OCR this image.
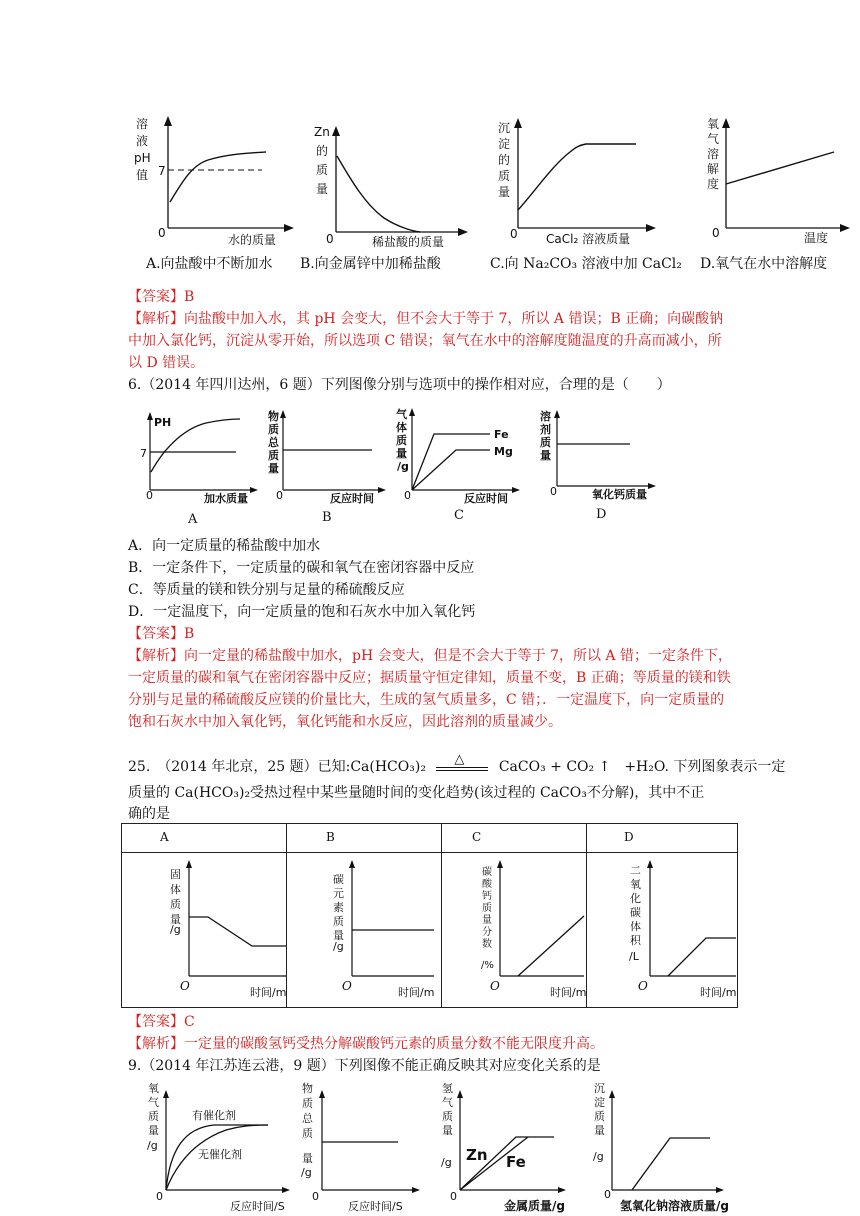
溶
液
pH
值 7
0	水的质量
Zn
的
质
量
0	稀盐酸的质量
沉
淀
的
质
量
0 CaCl₂ 溶液质量
氧
气
溶
解
度
0	温度
A.向盐酸中不断加水 B.向金属锌中加稀盐酸	C.向 Na₂CO₃ 溶液中加 CaCl₂ D.氧气在水中溶解度
【答案】B
【解析】向盐酸中加入水，其 pH 会变大，但不会大于等于 7，所以 A 错误；B 正确；向碳酸钠中加入氯化钙，沉淀从零开始，所以选项 C 错误；氧气在水中的溶解度随温度的升高而减小，所以 D 错误。
6.（2014 年四川达州，6 题）下列图像分别与选项中的操作相对应，合理的是（　　）
PH
7
0	加水质量
A
物
质
总
质
量
0	反应时间
B
气
体
质
量
/g
0	反应时间
Fe
Mg
C
溶
剂
质
量
0	氧化钙质量
D
A．向一定质量的稀盐酸中加水
B．一定条件下，一定质量的碳和氧气在密闭容器中反应
C．等质量的镁和铁分别与足量的稀硫酸反应
D．一定温度下，向一定质量的饱和石灰水中加入氧化钙
【答案】B
【解析】向一定量的稀盐酸中加水，pH 会变大，但是不会大于等于 7，所以 A 错；一定条件下，一定质量的碳和氧气在密闭容器中反应；据质量守恒定律知，质量不变，B 正确；等质量的镁和铁分别与足量的稀硫酸反应镁的价量比大，生成的氢气质量多，C 错；．一定温度下，向一定质量的饱和石灰水中加入氧化钙，氧化钙能和水反应，因此溶剂的质量减少。
25.　（2014 年北京，25 题）已知:Ca(HCO₃)₂ △ CaCO₃ + CO₂ ↑　+H₂O. 下列图象表示一定
质量的 Ca(HCO₃)₂受热过程中某些量随时间的变化趋势(该过程的 CaCO₃不分解)，其中不正
确的是
A	B	C	D
固
体
质
量
/g
O	时间/m
碳
元
素
质
量
/g
O	时间/m
碳
酸
钙
质
量
分
数
/%
O	时间/m
二
氧
化
碳
体
积
/L
O	时间/m
【答案】C
【解析】一定量的碳酸氢钙受热分解碳酸钙元素的质量分数不能无限度升高。
9.（2014 年江苏连云港，9 题）下列图像不能正确反映其对应变化关系的是
氧
气
质
量
/g
0
反应时间/S
有催化剂
无催化剂
物
质
总
质
量
/g
0
反应时间/S
氢
气
质
量
/g
0
金属质量/g
Zn Fe
沉
淀
质
量
/g
0
氢氧化钠溶液质量/g
